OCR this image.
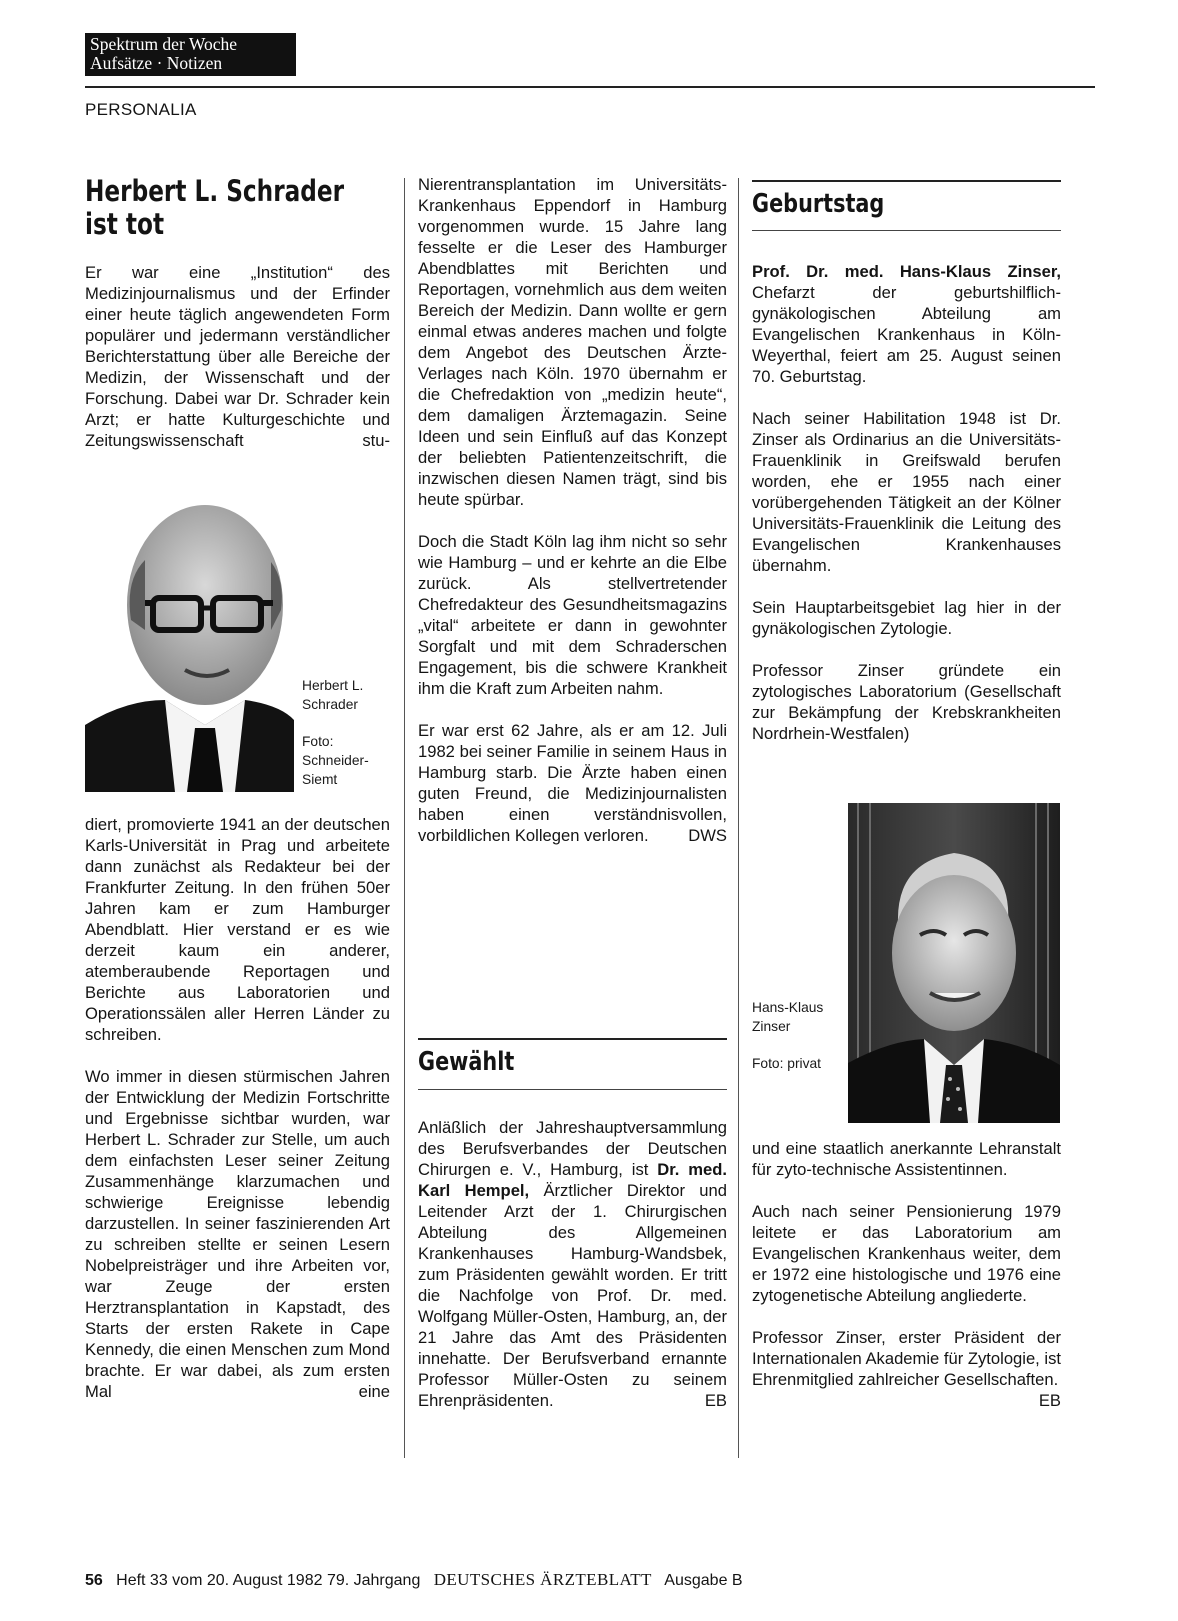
Spektrum der Woche
Aufsätze · Notizen
PERSONALIA
Herbert L. Schrader
ist tot

Er war eine „Institution“ des Medizinjournalismus und der Erfinder einer heute täglich angewendeten Form populärer und jedermann verständlicher Berichterstattung über alle Bereiche der Medizin, der Wissenschaft und der Forschung. Dabei war Dr. Schrader kein Arzt; er hatte Kulturgeschichte und Zeitungswissenschaft stu-

Herbert L. Schrader
Foto: Schneider-Siemt

diert, promovierte 1941 an der deutschen Karls-Universität in Prag und arbeitete dann zunächst als Redakteur bei der Frankfurter Zeitung. In den frühen 50er Jahren kam er zum Hamburger Abendblatt. Hier verstand er es wie derzeit kaum ein anderer, atemberaubende Reportagen und Berichte aus Laboratorien und Operationssälen aller Herren Länder zu schreiben.

Wo immer in diesen stürmischen Jahren der Entwicklung der Medizin Fortschritte und Ergebnisse sichtbar wurden, war Herbert L. Schrader zur Stelle, um auch dem einfachsten Leser seiner Zeitung Zusammenhänge klarzumachen und schwierige Ereignisse lebendig darzustellen. In seiner faszinierenden Art zu schreiben stellte er seinen Lesern Nobelpreisträger und ihre Arbeiten vor, war Zeuge der ersten Herztransplantation in Kapstadt, des Starts der ersten Rakete in Cape Kennedy, die einen Menschen zum Mond brachte. Er war dabei, als zum ersten Mal eine

Nierentransplantation im Universitäts-Krankenhaus Eppendorf in Hamburg vorgenommen wurde. 15 Jahre lang fesselte er die Leser des Hamburger Abendblattes mit Berichten und Reportagen, vornehmlich aus dem weiten Bereich der Medizin. Dann wollte er gern einmal etwas anderes machen und folgte dem Angebot des Deutschen Ärzte-Verlages nach Köln. 1970 übernahm er die Chefredaktion von „medizin heute“, dem damaligen Ärztemagazin. Seine Ideen und sein Einfluß auf das Konzept der beliebten Patientenzeitschrift, die inzwischen diesen Namen trägt, sind bis heute spürbar.

Doch die Stadt Köln lag ihm nicht so sehr wie Hamburg – und er kehrte an die Elbe zurück. Als stellvertretender Chefredakteur des Gesundheitsmagazins „vital“ arbeitete er dann in gewohnter Sorgfalt und mit dem Schraderschen Engagement, bis die schwere Krankheit ihm die Kraft zum Arbeiten nahm.

Er war erst 62 Jahre, als er am 12. Juli 1982 bei seiner Familie in seinem Haus in Hamburg starb. Die Ärzte haben einen guten Freund, die Medizinjournalisten haben einen verständnisvollen, vorbildlichen Kollegen verloren. DWS

Gewählt

Anläßlich der Jahreshauptversammlung des Berufsverbandes der Deutschen Chirurgen e. V., Hamburg, ist Dr. med. Karl Hempel, Ärztlicher Direktor und Leitender Arzt der 1. Chirurgischen Abteilung des Allgemeinen Krankenhauses Hamburg-Wandsbek, zum Präsidenten gewählt worden. Er tritt die Nachfolge von Prof. Dr. med. Wolfgang Müller-Osten, Hamburg, an, der 21 Jahre das Amt des Präsidenten innehatte. Der Berufsverband ernannte Professor Müller-Osten zu seinem Ehrenpräsidenten.	EB

Geburtstag

Prof. Dr. med. Hans-Klaus Zinser, Chefarzt der geburtshilflich-gynäkologischen Abteilung am Evangelischen Krankenhaus in Köln-Weyerthal, feiert am 25. August seinen 70. Geburtstag.

Nach seiner Habilitation 1948 ist Dr. Zinser als Ordinarius an die Universitäts-Frauenklinik in Greifswald berufen worden, ehe er 1955 nach einer vorübergehenden Tätigkeit an der Kölner Universitäts-Frauenklinik die Leitung des Evangelischen Krankenhauses übernahm.

Sein Hauptarbeitsgebiet lag hier in der gynäkologischen Zytologie.

Professor Zinser gründete ein zytologisches Laboratorium (Gesellschaft zur Bekämpfung der Krebskrankheiten Nordrhein-Westfalen)

Hans-Klaus Zinser
Foto: privat

und eine staatlich anerkannte Lehranstalt für zyto-technische Assistentinnen.

Auch nach seiner Pensionierung 1979 leitete er das Laboratorium am Evangelischen Krankenhaus weiter, dem er 1972 eine histologische und 1976 eine zytogenetische Abteilung angliederte.

Professor Zinser, erster Präsident der Internationalen Akademie für Zytologie, ist Ehrenmitglied zahlreicher Gesellschaften.
EB

56 Heft 33 vom 20. August 1982 79. Jahrgang DEUTSCHES ÄRZTEBLATT Ausgabe B
